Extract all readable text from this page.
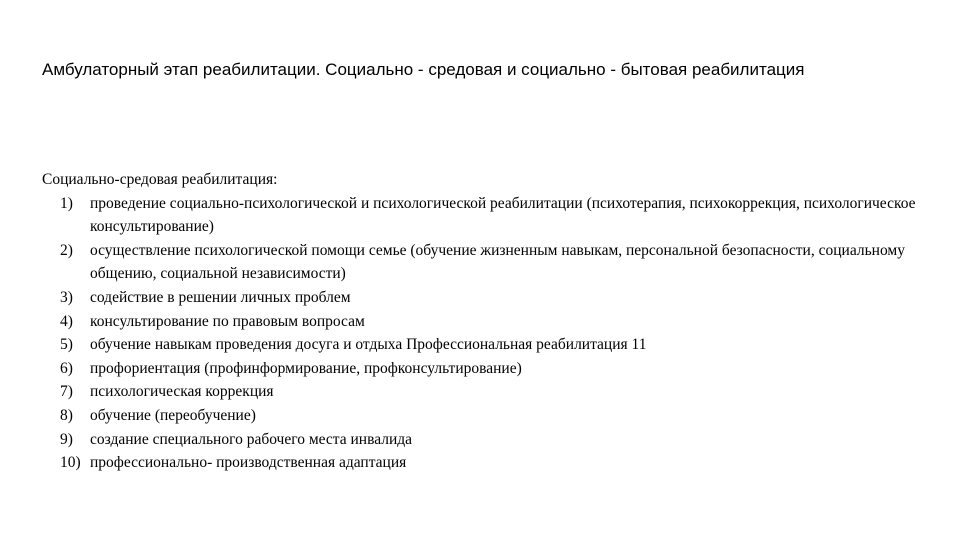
Амбулаторный этап реабилитации. Социально - средовая и социально - бытовая реабилитация

Социально-средовая реабилитация:

1)	проведение социально-психологической и психологической реабилитации (психотерапия, психокоррекция, психологическое консультирование)
2)	осуществление психологической помощи семье (обучение жизненным навыкам, персональной безопасности, социальному общению, социальной независимости)
3)	содействие в решении личных проблем
4)	консультирование по правовым вопросам
5)	обучение навыкам проведения досуга и отдыха Профессиональная реабилитация 11
6)	профориентация (профинформирование, профконсультирование)
7)	психологическая коррекция
8)	обучение (переобучение)
9)	создание специального рабочего места инвалида
10) профессионально- производственная адаптация
